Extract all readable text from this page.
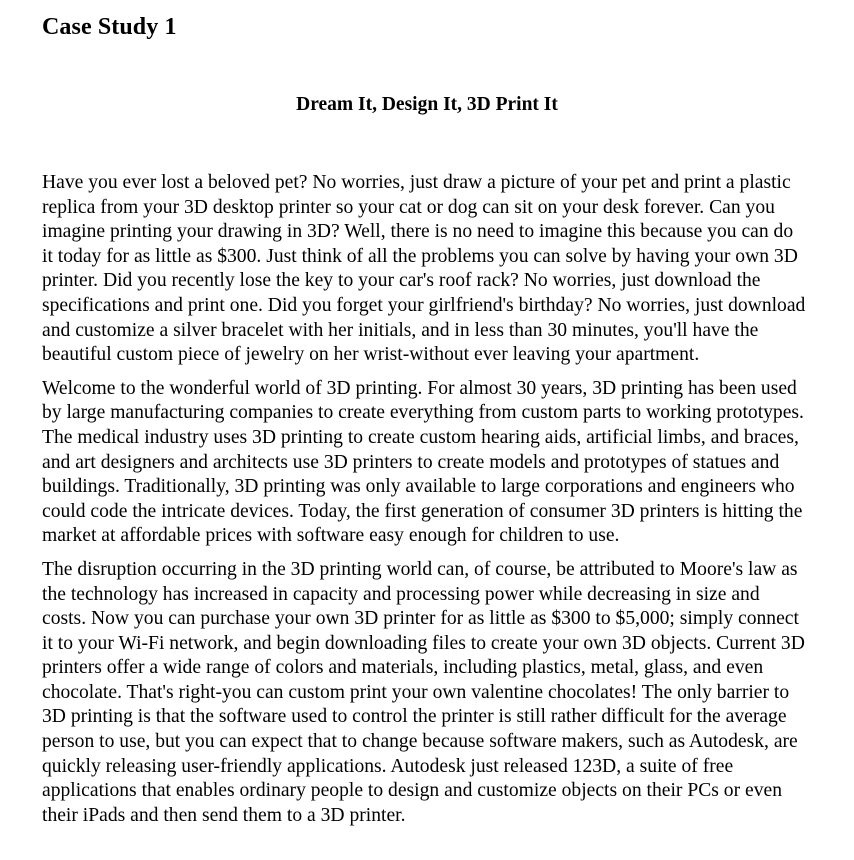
Case Study 1
Dream It, Design It, 3D Print It

Have you ever lost a beloved pet? No worries, just draw a picture of your pet and print a plastic
replica from your 3D desktop printer so your cat or dog can sit on your desk forever. Can you
imagine printing your drawing in 3D? Well, there is no need to imagine this because you can do
it today for as little as $300. Just think of all the problems you can solve by having your own 3D
printer. Did you recently lose the key to your car's roof rack? No worries, just download the
specifications and print one. Did you forget your girlfriend's birthday? No worries, just download
and customize a silver bracelet with her initials, and in less than 30 minutes, you'll have the
beautiful custom piece of jewelry on her wrist-without ever leaving your apartment.

Welcome to the wonderful world of 3D printing. For almost 30 years, 3D printing has been used
by large manufacturing companies to create everything from custom parts to working prototypes.
The medical industry uses 3D printing to create custom hearing aids, artificial limbs, and braces,
and art designers and architects use 3D printers to create models and prototypes of statues and
buildings. Traditionally, 3D printing was only available to large corporations and engineers who
could code the intricate devices. Today, the first generation of consumer 3D printers is hitting the
market at affordable prices with software easy enough for children to use.

The disruption occurring in the 3D printing world can, of course, be attributed to Moore's law as
the technology has increased in capacity and processing power while decreasing in size and
costs. Now you can purchase your own 3D printer for as little as $300 to $5,000; simply connect
it to your Wi-Fi network, and begin downloading files to create your own 3D objects. Current 3D
printers offer a wide range of colors and materials, including plastics, metal, glass, and even
chocolate. That's right-you can custom print your own valentine chocolates! The only barrier to
3D printing is that the software used to control the printer is still rather difficult for the average
person to use, but you can expect that to change because software makers, such as Autodesk, are
quickly releasing user-friendly applications. Autodesk just released 123D, a suite of free
applications that enables ordinary people to design and customize objects on their PCs or even
their iPads and then send them to a 3D printer.
